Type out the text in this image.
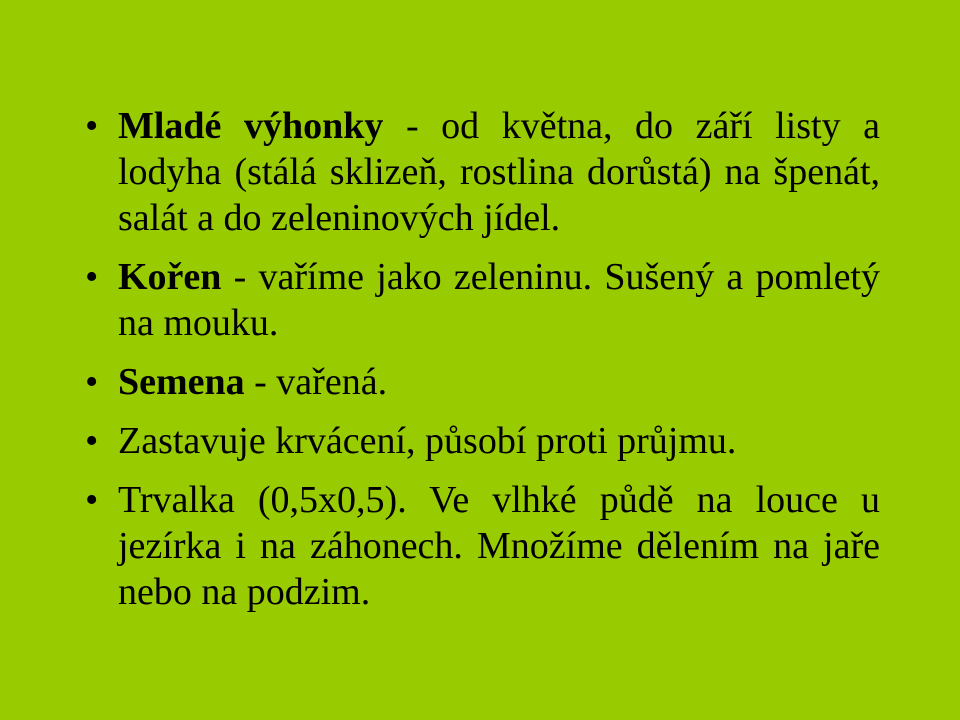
• Mladé výhonky - od května, do září listy a lodyha (stálá sklizeň, rostlina dorůstá) na špenát, salát a do zeleninových jídel.
• Kořen - vaříme jako zeleninu. Sušený a pomletý na mouku.
• Semena - vařená.
• Zastavuje krvácení, působí proti průjmu.
• Trvalka (0,5x0,5). Ve vlhké půdě na louce u jezírka i na záhonech. Množíme dělením na jaře nebo na podzim.
